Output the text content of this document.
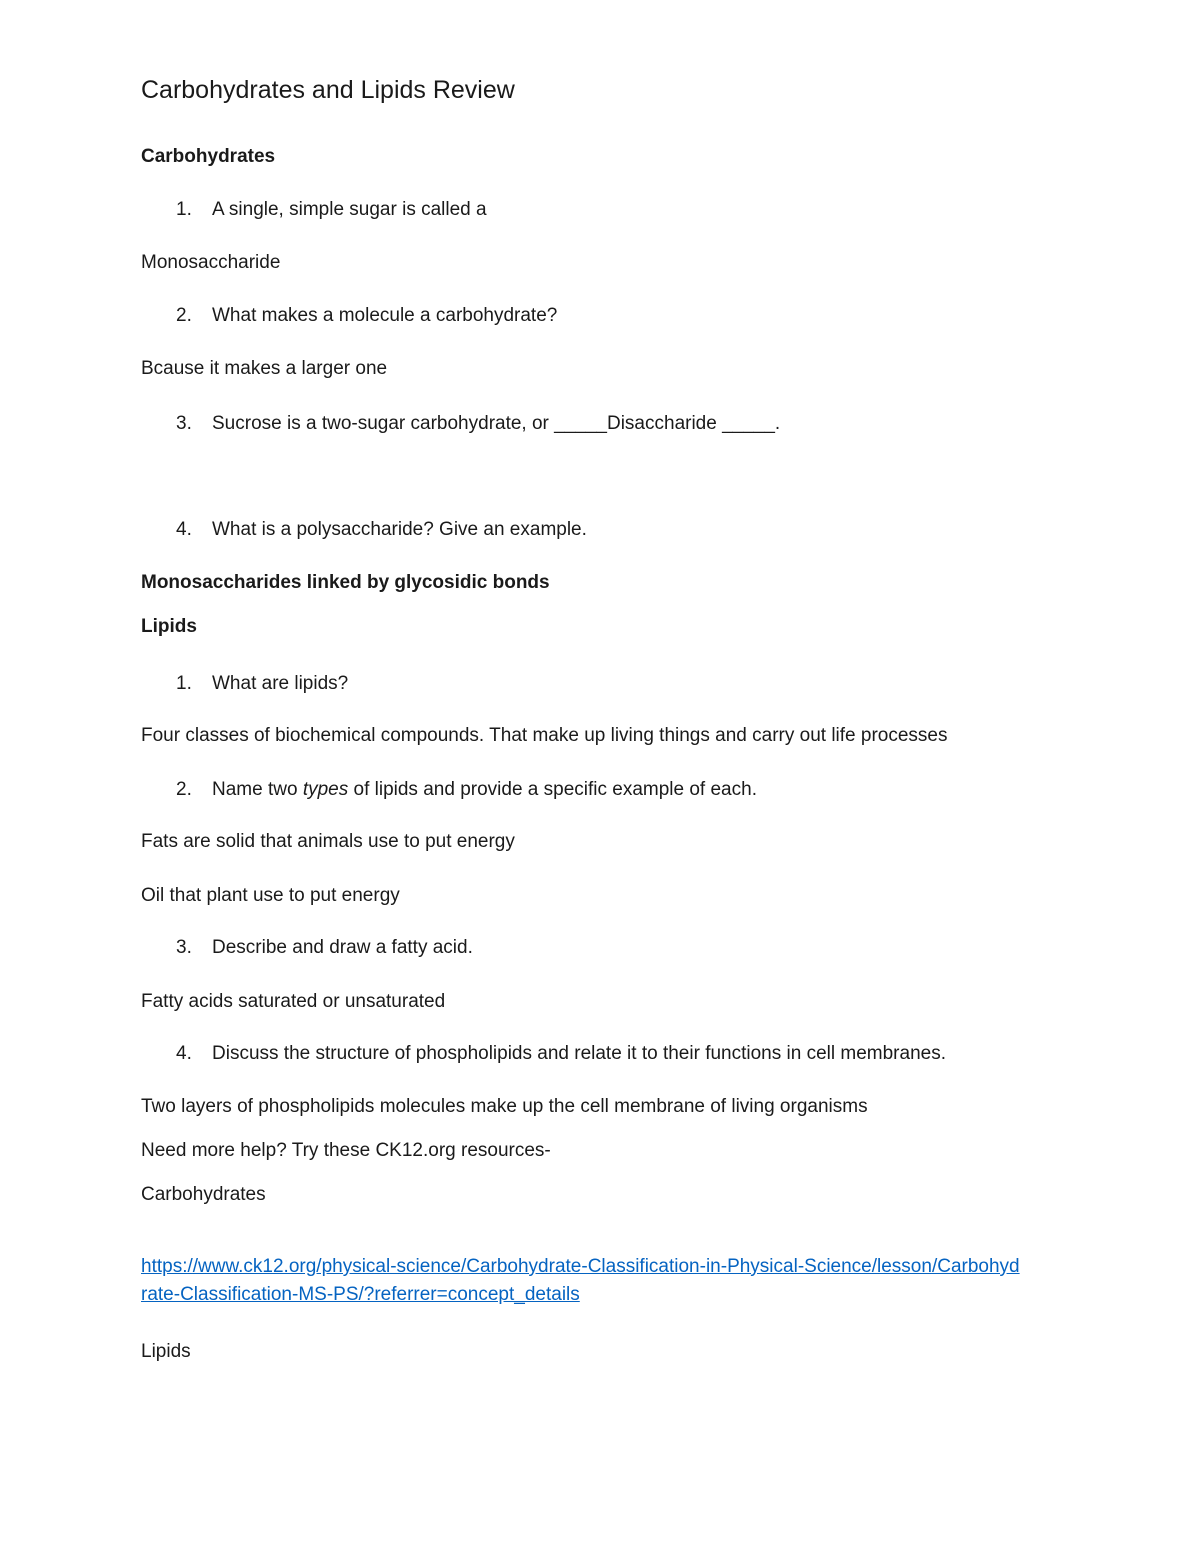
Carbohydrates and Lipids Review
Carbohydrates
1. A single, simple sugar is called a
Monosaccharide
2. What makes a molecule a carbohydrate?
Bcause it makes a larger one
3. Sucrose is a two-sugar carbohydrate, or _____Disaccharide _____.
4. What is a polysaccharide? Give an example.
Monosaccharides linked by glycosidic bonds
Lipids
1. What are lipids?
Four classes of biochemical compounds. That make up living things and carry out life processes
2. Name two types of lipids and provide a specific example of each.
Fats are solid that animals use to put energy
Oil that plant use to put energy
3. Describe and draw a fatty acid.
Fatty acids saturated or unsaturated
4. Discuss the structure of phospholipids and relate it to their functions in cell membranes.
Two layers of phospholipids molecules make up the cell membrane of living organisms
Need more help? Try these CK12.org resources-
Carbohydrates
https://www.ck12.org/physical-science/Carbohydrate-Classification-in-Physical-Science/lesson/Carbohyd
rate-Classification-MS-PS/?referrer=concept_details
Lipids
